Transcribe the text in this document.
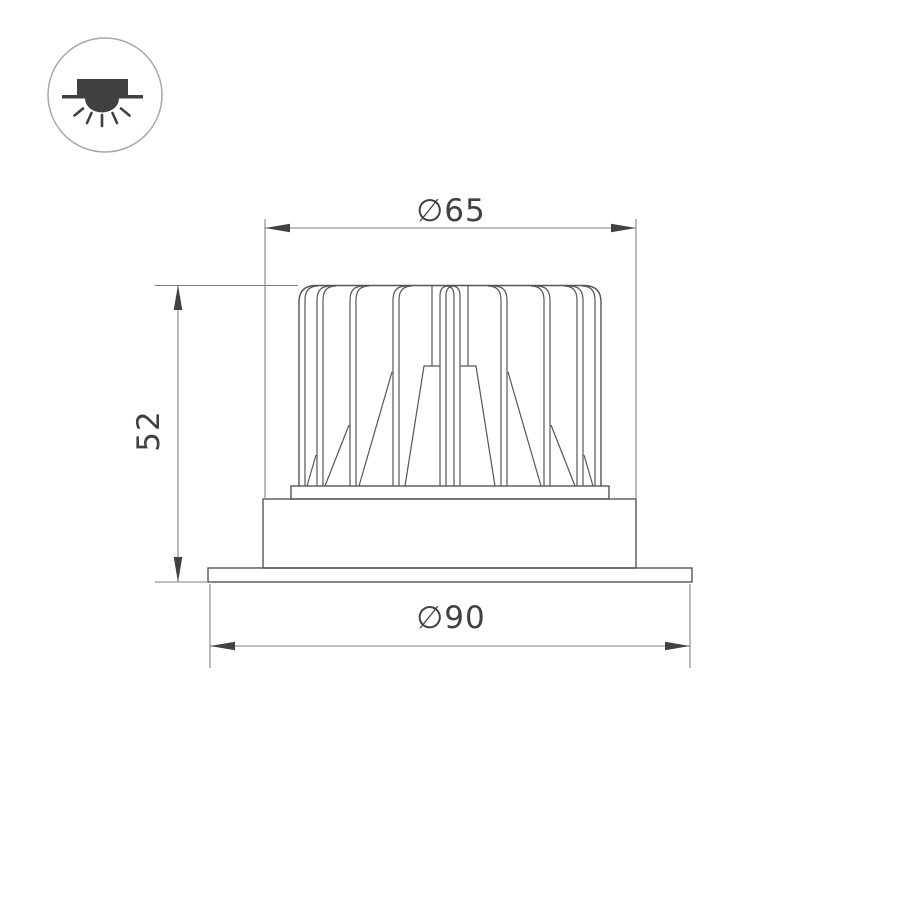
∅65
52
∅90
